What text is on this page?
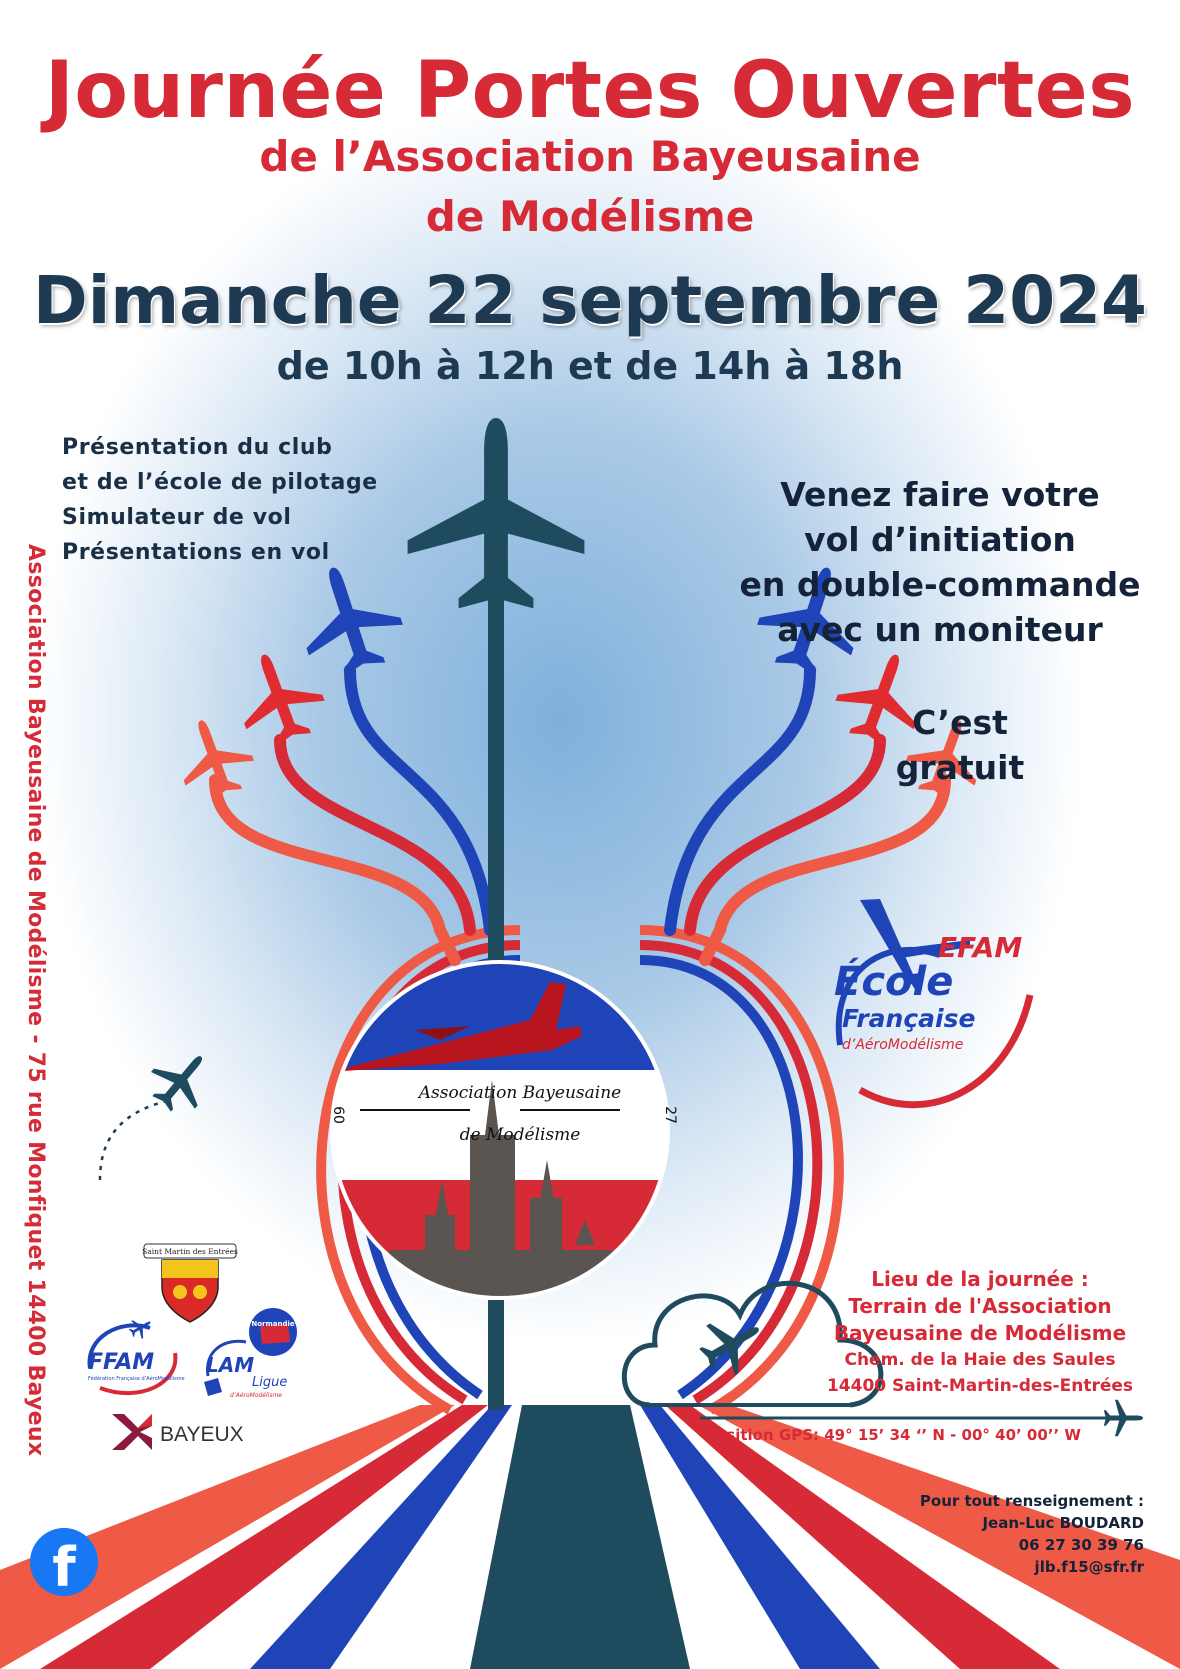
Journée Portes Ouvertes
de l’Association Bayeusaine
de Modélisme
Dimanche 22 septembre 2024
de 10h à 12h et de 14h à 18h
Présentation du club
et de l’école de pilotage
Simulateur de vol
Présentations en vol
Venez faire votre
vol d’initiation
en double-commande
avec un moniteur
C’est
gratuit
Association Bayeusaine de Modélisme - 75 rue Monfiquet 14400 Bayeux	Association Bayeusaine
de Modélisme
60	27
EFAM
École
Française
d’AéroModélisme
Saint Martin des Entrées
FFAM
Fédération Française d’AéroModélisme
Normandie
LAM
Ligue
d’AéroModélisme
BAYEUX
Lieu de la journée :
Terrain de l'Association
Bayeusaine de Modélisme
Chem. de la Haie des Saules
14400 Saint-Martin-des-Entrées
Position GPS: 49° 15’ 34 ‘’ N - 00° 40’ 00’’ W
Pour tout renseignement :
Jean-Luc BOUDARD
06 27 30 39 76
jlb.f15@sfr.fr
f
